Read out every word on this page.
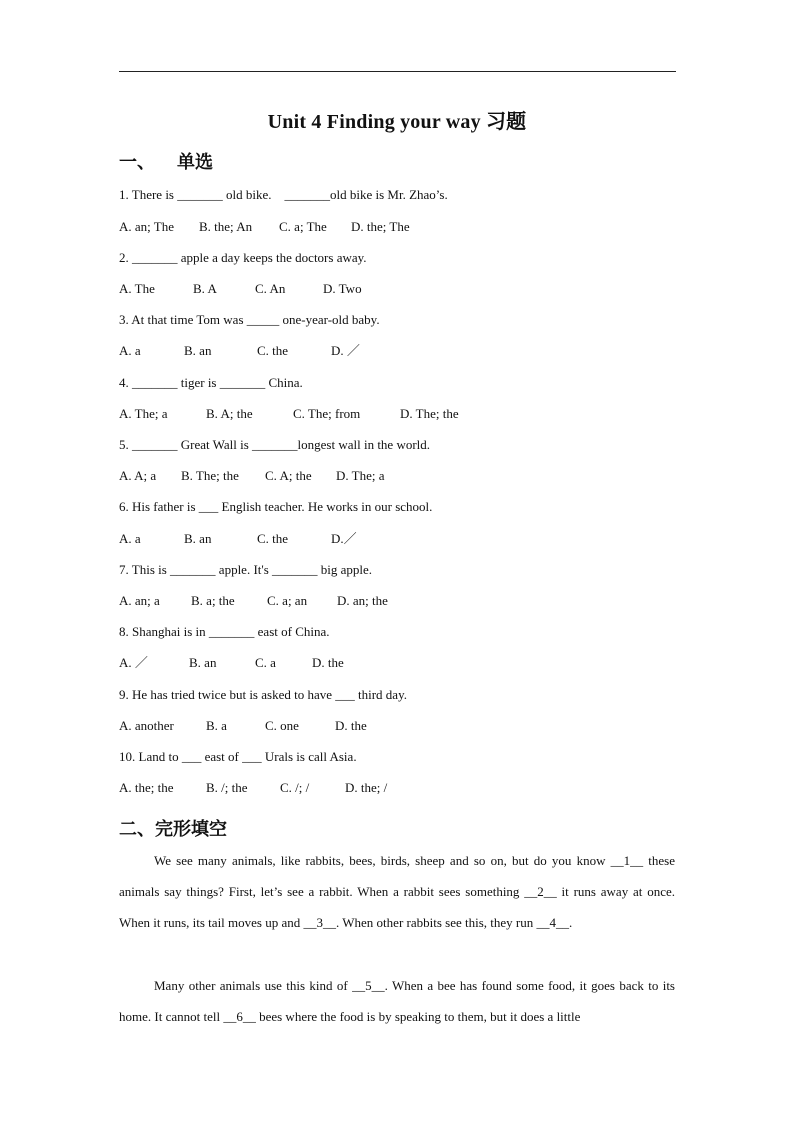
Unit 4 Finding your way 习题
一、 单选
1. There is _______ old bike.    _______old bike is Mr. Zhao’s.
A. an; The B. the; An C. a; The D. the; The
2. _______ apple a day keeps the doctors away.
A. The	B. A	C. An	D. Two
3. At that time Tom was _____ one-year-old baby.
A. a	B. an	C. the	D. ／
4. _______ tiger is _______ China.
A. The; a	B. A; the	C. The; from	D. The; the
5. _______ Great Wall is _______longest wall in the world.
A. A; a B. The; the C. A; the D. The; a
6. His father is ___ English teacher. He works in our school.
A. a	B. an	C. the	D.／
7. This is _______ apple. It's _______ big apple.
A. an; a B. a; the C. a; an D. an; the
8. Shanghai is in _______ east of China.
A. ／	B. an	C. a	D. the
9. He has tried twice but is asked to have ___ third day.
A. another B. a	C. one	D. the
10. Land to ___ east of ___ Urals is call Asia.
A. the; the B. /; the C. /; /	D. the; /
二、完形填空
We see many animals, like rabbits, bees, birds, sheep and so on, but do you know __1__ these animals say things? First, let’s see a rabbit. When a rabbit sees something __2__ it runs away at once. When it runs, its tail moves up and __3__. When other rabbits see this, they run __4__.
Many other animals use this kind of __5__. When a bee has found some food, it goes back to its home. It cannot tell __6__ bees where the food is by speaking to them, but it does a little
